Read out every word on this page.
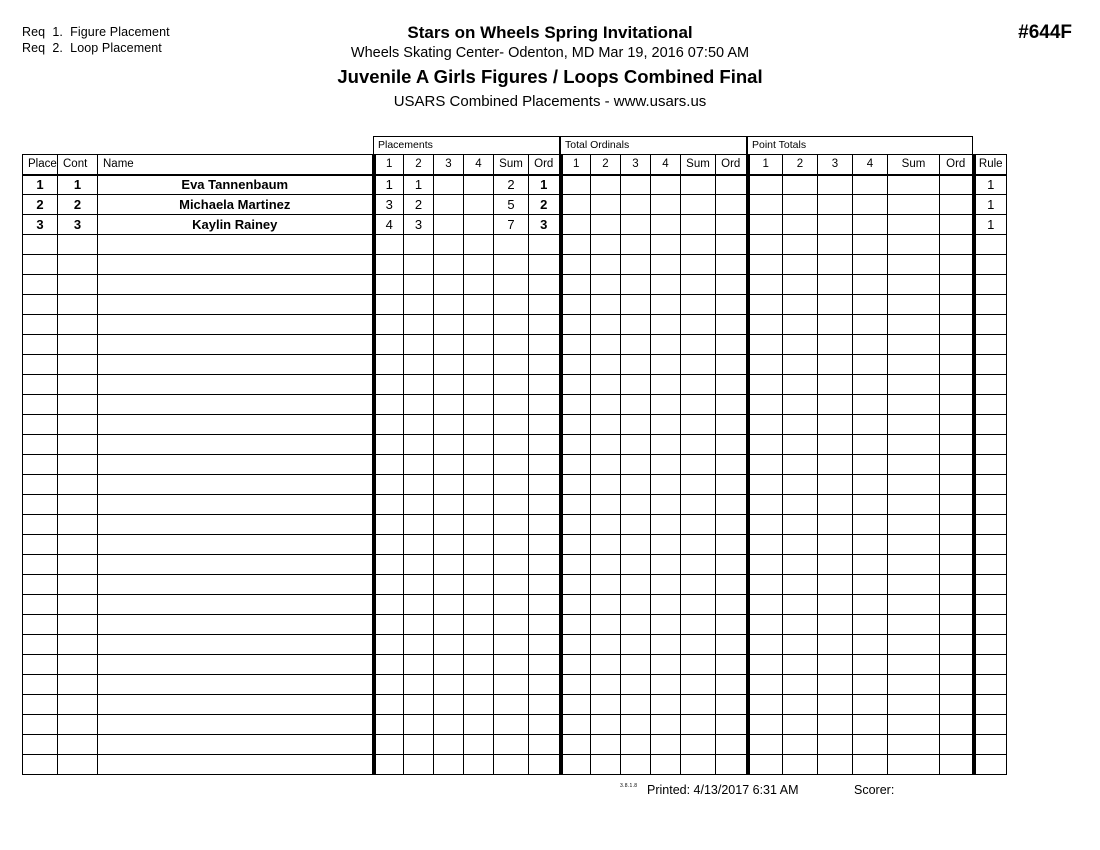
Req  1.  Figure Placement
Req  2.  Loop Placement
#644F
Stars on Wheels Spring Invitational
Wheels Skating Center- Odenton, MD Mar 19, 2016 07:50 AM
Juvenile A Girls Figures / Loops Combined Final
USARS Combined Placements - www.usars.us
Placements	Total Ordinals	Point Totals
Place	Cont	Name	1	2	3	4	Sum	Ord	1	2	3	4	Sum	Ord	1	2	3	4	Sum	Ord	Rule
1	1	Eva Tannenbaum	1	1			2	1													1
2	2	Michaela Martinez	3	2			5	2													1
3	3	Kaylin Rainey	4	3			7	3													1

3.8.1.8 Printed: 4/13/2017 6:31 AM	Scorer:
